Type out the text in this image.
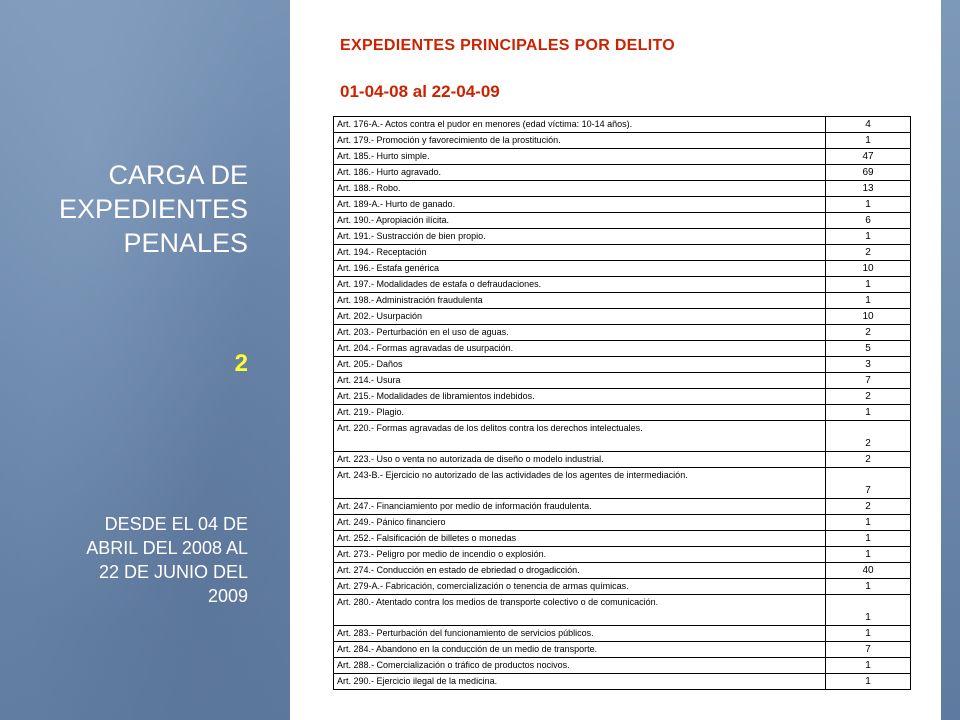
CARGA DE
EXPEDIENTES
PENALES
2
DESDE EL 04 DE
ABRIL DEL 2008 AL
22 DE JUNIO DEL
2009
EXPEDIENTES PRINCIPALES POR DELITO
01-04-08 al 22-04-09
Art. 176-A.- Actos contra el pudor en menores (edad víctima: 10-14 años).	4
Art. 179.- Promoción y favorecimiento de la prostitución.	1
Art. 185.- Hurto simple.	47
Art. 186.- Hurto agravado.	69
Art. 188.- Robo.	13
Art. 189-A.- Hurto de ganado.	1
Art. 190.- Apropiación ilícita.	6
Art. 191.- Sustracción de bien propio.	1
Art. 194.- Receptación	2
Art. 196.- Estafa genérica	10
Art. 197.- Modalidades de estafa o defraudaciones.	1
Art. 198.- Administración fraudulenta	1
Art. 202.- Usurpación	10
Art. 203.- Perturbación en el uso de aguas.	2
Art. 204.- Formas agravadas de usurpación.	5
Art. 205.- Daños	3
Art. 214.- Usura	7
Art. 215.- Modalidades de libramientos indebidos.	2
Art. 219.- Plagio.	1
Art. 220.- Formas agravadas de los delitos contra los derechos intelectuales.	2
Art. 223.- Uso o venta no autorizada de diseño o modelo industrial.	2
Art. 243-B.- Ejercicio no autorizado de las actividades de los agentes de intermediación.	7
Art. 247.- Financiamiento por medio de información fraudulenta.	2
Art. 249.- Pánico financiero	1
Art. 252.- Falsificación de billetes o monedas	1
Art. 273.- Peligro por medio de incendio o explosión.	1
Art. 274.- Conducción en estado de ebriedad o drogadicción.	40
Art. 279-A.- Fabricación, comercialización o tenencia de armas químicas.	1
Art. 280.- Atentado contra los medios de transporte colectivo o de comunicación.	1
Art. 283.- Perturbación del funcionamiento de servicios públicos.	1
Art. 284.- Abandono en la conducción de un medio de transporte.	7
Art. 288.- Comercialización o tráfico de productos nocivos.	1
Art. 290.- Ejercicio ilegal de la medicina.	1
